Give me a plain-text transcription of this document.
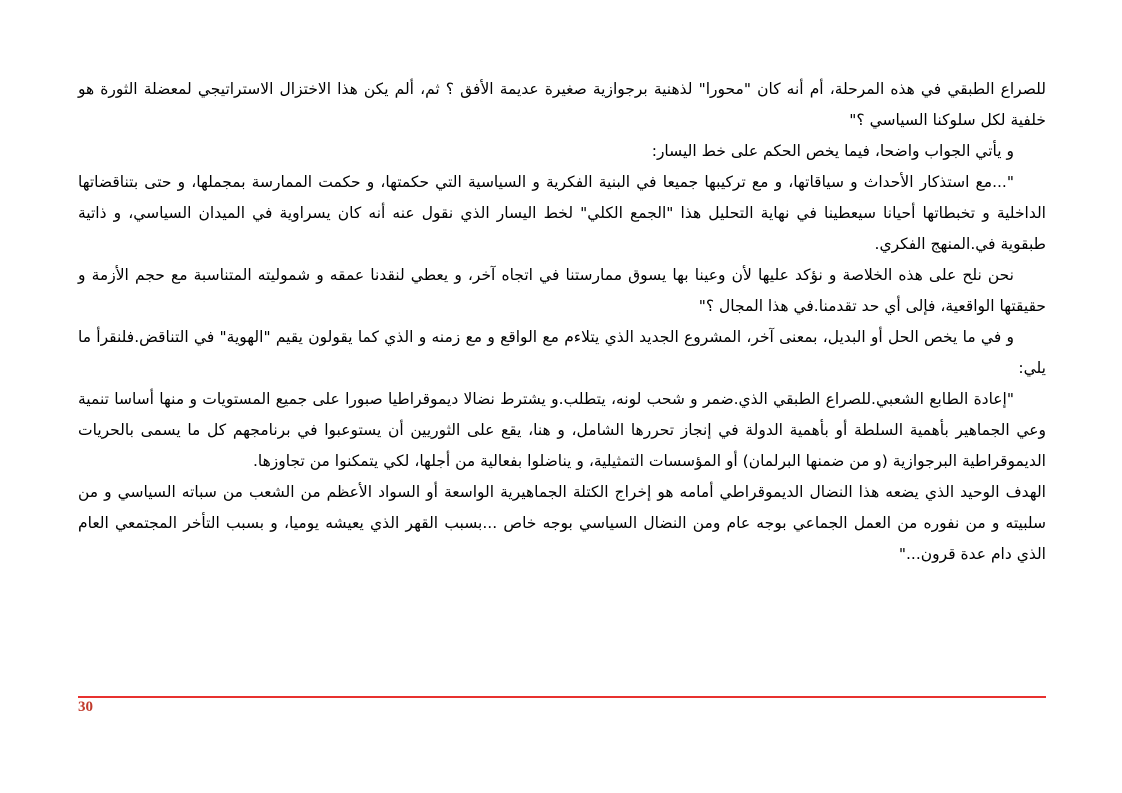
للصراع الطبقي في هذه المرحلة، أم أنه كان "محورا" لذهنية برجوازية صغيرة عديمة الأفق ؟ ثم، ألم يكن هذا الاختزال الاستراتيجي لمعضلة الثورة هو خلفية لكل سلوكنا السياسي ؟"

و يأتي الجواب واضحا، فيما يخص الحكم على خط اليسار:

"...مع استذكار الأحداث و سياقاتها، و مع تركيبها جميعا في البنية الفكرية و السياسية التي حكمتها، و حكمت الممارسة بمجملها، و حتى بتناقضاتها الداخلية و تخبطاتها أحيانا سيعطينا في نهاية التحليل هذا "الجمع الكلي" لخط اليسار الذي نقول عنه أنه كان يسراوية في الميدان السياسي، و ذاتية طبقوية في.المنهج الفكري.

نحن نلح على هذه الخلاصة و نؤكد عليها لأن وعينا بها يسوق ممارستنا في اتجاه آخر، و يعطي لنقدنا عمقه و شموليته المتناسبة مع حجم الأزمة و حقيقتها الواقعية، فإلى أي حد تقدمنا.في هذا المجال ؟"

و في ما يخص الحل أو البديل، بمعنى آخر، المشروع الجديد الذي يتلاءم مع الواقع و مع زمنه و الذي كما يقولون يقيم "الهوية" في التناقض.فلنقرأ ما يلي:

"إعادة الطابع الشعبي.للصراع الطبقي الذي.ضمر و شحب لونه، يتطلب.و يشترط نضالا ديموقراطيا صبورا على جميع المستويات و منها أساسا تنمية وعي الجماهير بأهمية السلطة أو بأهمية الدولة في إنجاز تحررها الشامل، و هنا، يقع على الثوريين أن يستوعبوا في برنامجهم كل ما يسمى بالحريات الديموقراطية البرجوازية (و من ضمنها البرلمان) أو المؤسسات التمثيلية، و يناضلوا بفعالية من أجلها، لكي يتمكنوا من تجاوزها.

الهدف الوحيد الذي يضعه هذا النضال الديموقراطي أمامه هو إخراج الكتلة الجماهيرية الواسعة أو السواد الأعظم من الشعب من سباته السياسي و من سلبيته و من نفوره من العمل الجماعي بوجه عام ومن النضال السياسي بوجه خاص ...بسبب القهر الذي يعيشه يوميا، و بسبب التأخر المجتمعي العام الذي دام عدة قرون..."

30
